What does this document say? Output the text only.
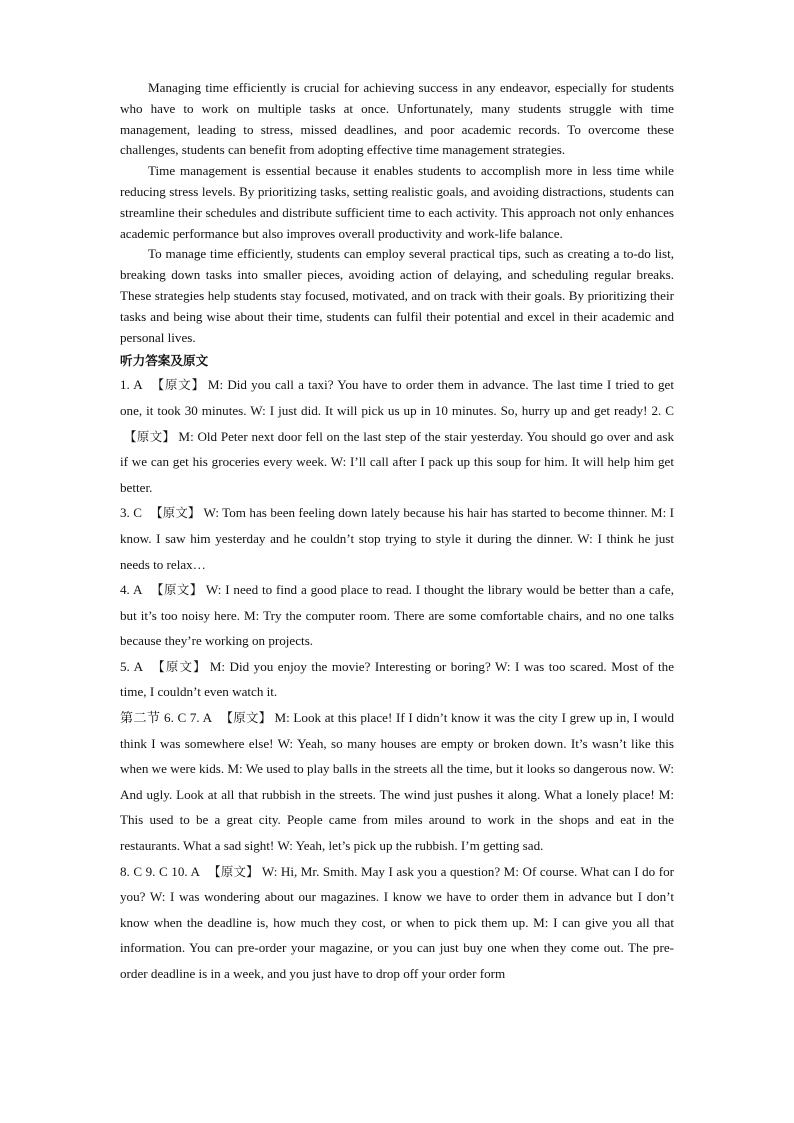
Managing time efficiently is crucial for achieving success in any endeavor, especially for students who have to work on multiple tasks at once. Unfortunately, many students struggle with time management, leading to stress, missed deadlines, and poor academic records. To overcome these challenges, students can benefit from adopting effective time management strategies.

Time management is essential because it enables students to accomplish more in less time while reducing stress levels. By prioritizing tasks, setting realistic goals, and avoiding distractions, students can streamline their schedules and distribute sufficient time to each activity. This approach not only enhances academic performance but also improves overall productivity and work-life balance.

To manage time efficiently, students can employ several practical tips, such as creating a to-do list, breaking down tasks into smaller pieces, avoiding action of delaying, and scheduling regular breaks. These strategies help students stay focused, motivated, and on track with their goals. By prioritizing their tasks and being wise about their time, students can fulfil their potential and excel in their academic and personal lives.

听力答案及原文

1. A 【原文】 M: Did you call a taxi? You have to order them in advance. The last time I tried to get one, it took 30 minutes. W: I just did. It will pick us up in 10 minutes. So, hurry up and get ready! 2. C【原文】 M: Old Peter next door fell on the last step of the stair yesterday. You should go over and ask if we can get his groceries every week. W: I’ll call after I pack up this soup for him. It will help him get better.

3. C 【原文】 W: Tom has been feeling down lately because his hair has started to become thinner. M: I know. I saw him yesterday and he couldn’t stop trying to style it during the dinner. W: I think he just needs to relax…

4. A 【原文】 W: I need to find a good place to read. I thought the library would be better than a cafe, but it’s too noisy here. M: Try the computer room. There are some comfortable chairs, and no one talks because they’re working on projects.

5. A 【原文】 M: Did you enjoy the movie? Interesting or boring? W: I was too scared. Most of the time, I couldn’t even watch it.

第二节 6. C 7. A 【原文】 M: Look at this place! If I didn’t know it was the city I grew up in, I would think I was somewhere else! W: Yeah, so many houses are empty or broken down. It’s wasn’t like this when we were kids. M: We used to play balls in the streets all the time, but it looks so dangerous now. W: And ugly. Look at all that rubbish in the streets. The wind just pushes it along. What a lonely place! M: This used to be a great city. People came from miles around to work in the shops and eat in the restaurants. What a sad sight! W: Yeah, let’s pick up the rubbish. I’m getting sad.

8. C 9. C 10. A 【原文】 W: Hi, Mr. Smith. May I ask you a question? M: Of course. What can I do for you? W: I was wondering about our magazines. I know we have to order them in advance but I don’t know when the deadline is, how much they cost, or when to pick them up. M: I can give you all that information. You can pre-order your magazine, or you can just buy one when they come out. The pre-order deadline is in a week, and you just have to drop off your order form
